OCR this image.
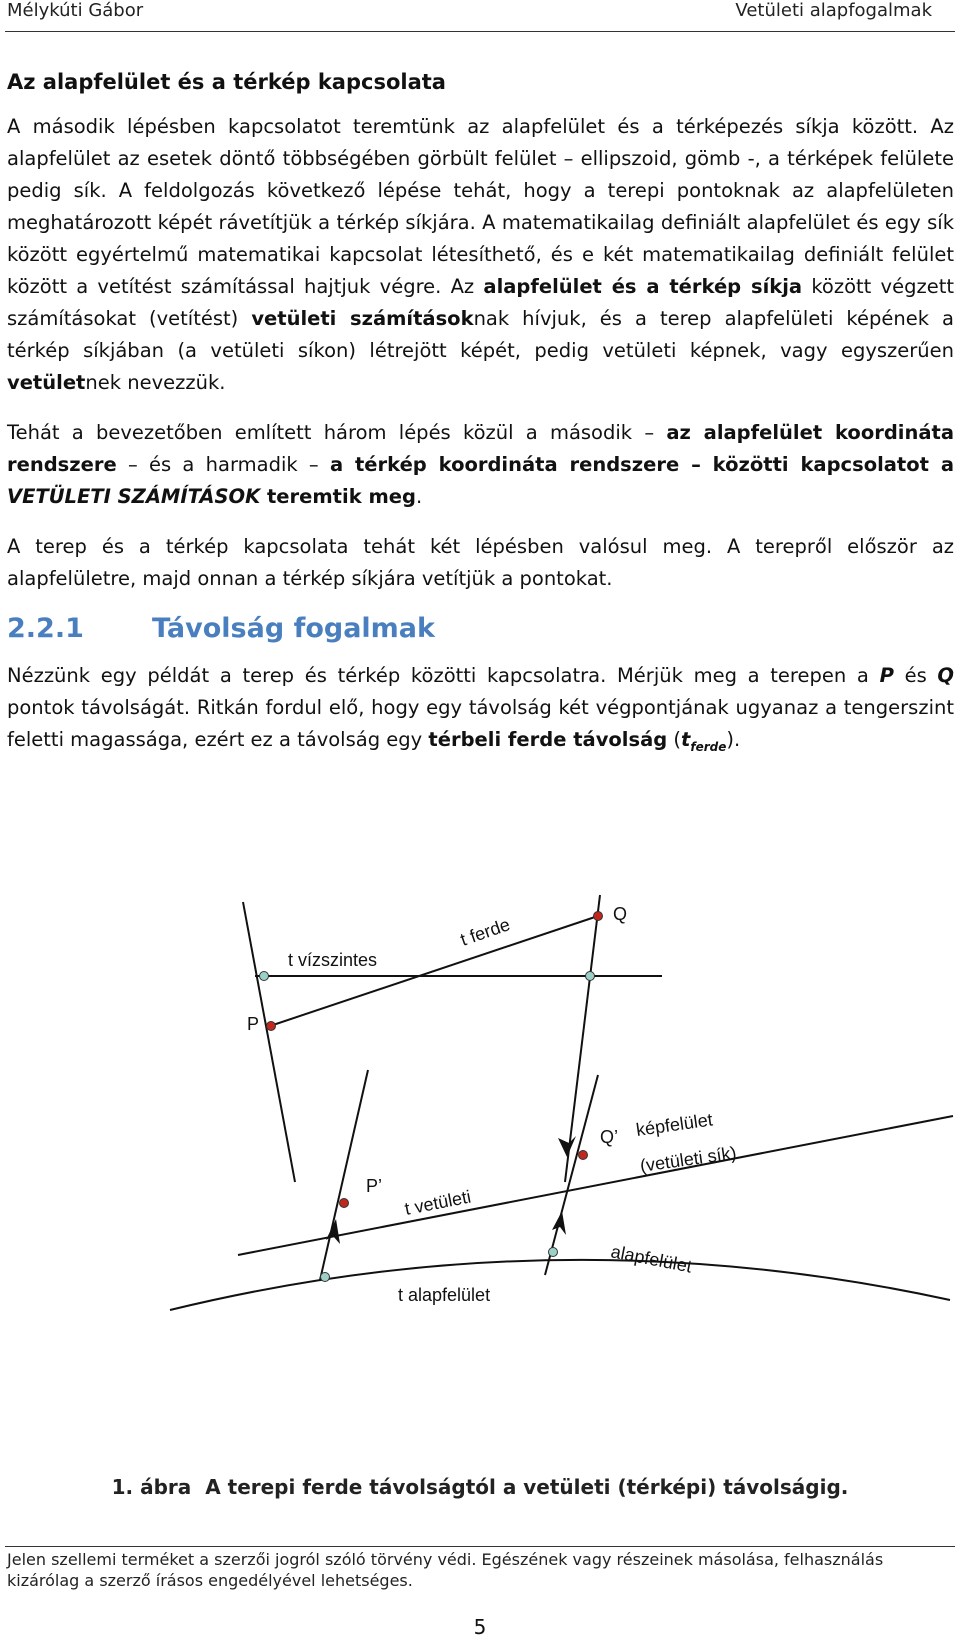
Mélykúti Gábor	Vetületi alapfogalmak
Az alapfelület és a térkép kapcsolata

A második lépésben kapcsolatot teremtünk az alapfelület és a térképezés síkja között. Az alapfelület az esetek döntő többségében görbült felület – ellipszoid, gömb -, a térképek felülete pedig sík. A feldolgozás következő lépése tehát, hogy a terepi pontoknak az alapfelületen meghatározott képét rávetítjük a térkép síkjára. A matematikailag definiált alapfelület és egy sík között egyértelmű matematikai kapcsolat létesíthető, és e két matematikailag definiált felület között a vetítést számítással hajtjuk végre. Az alapfelület és a térkép síkja között végzett számításokat (vetítést) vetületi számításoknak hívjuk, és a terep alapfelületi képének a térkép síkjában (a vetületi síkon) létrejött képét, pedig vetületi képnek, vagy egyszerűen vetületnek nevezzük.

Tehát a bevezetőben említett három lépés közül a második – az alapfelület koordináta rendszere – és a harmadik – a térkép koordináta rendszere – közötti kapcsolatot a VETÜLETI SZÁMÍTÁSOK teremtik meg.

A terep és a térkép kapcsolata tehát két lépésben valósul meg. A terepről először az alapfelületre, majd onnan a térkép síkjára vetítjük a pontokat.

2.2.1	Távolság fogalmak

Nézzünk egy példát a terep és térkép közötti kapcsolatra. Mérjük meg a terepen a P és Q pontok távolságát. Ritkán fordul elő, hogy egy távolság két végpontjának ugyanaz a tengerszint feletti magassága, ezért ez a távolság egy térbeli ferde távolság $(t_{ferde})$.

Q
P
t ferde
t vízszintes
P’
Q’ képfelület
(vetületi sík)
t vetületi
alapfelület
t alapfelület
1. ábra A terepi ferde távolságtól a vetületi (térképi) távolságig.
Jelen szellemi terméket a szerzői jogról szóló törvény védi. Egészének vagy részeinek másolása, felhasználás kizárólag a szerző írásos engedélyével lehetséges.
5
